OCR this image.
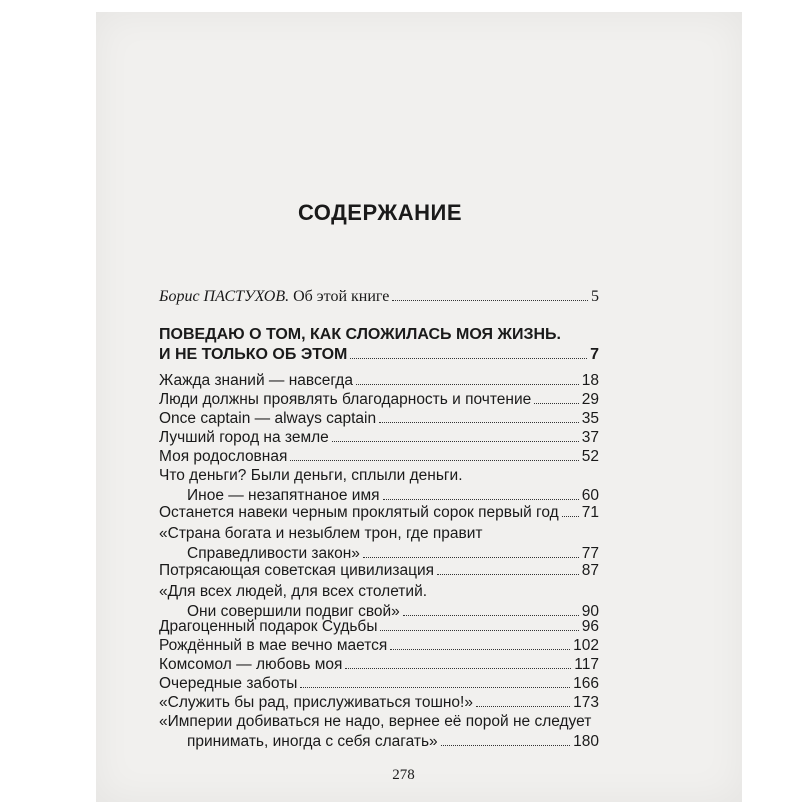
СОДЕРЖАНИЕ
Борис ПАСТУХОВ. Об этой книге	5
ПОВЕДАЮ О ТОМ, КАК СЛОЖИЛАСЬ МОЯ ЖИЗНЬ.
И НЕ ТОЛЬКО ОБ ЭТОМ	7
Жажда знаний — навсегда	18
Люди должны проявлять благодарность и почтение	29
Once captain — always captain	35
Лучший город на земле	37
Моя родословная	52
Что деньги? Были деньги, сплыли деньги.
Иное — незапятнаное имя	60
Останется навеки черным проклятый сорок первый год 71
«Страна богата и незыблем трон, где правит
Справедливости закон»	77
Потрясающая советская цивилизация	87
«Для всех людей, для всех столетий.
Они совершили подвиг свой»	90
Драгоценный подарок Судьбы	96
Рождённый в мае вечно мается	102
Комсомол — любовь моя	117
Очередные заботы	166
«Служить бы рад, прислуживаться тошно!»	173
«Империи добиваться не надо, вернее её порой не следует
принимать, иногда с себя слагать»	180
278
